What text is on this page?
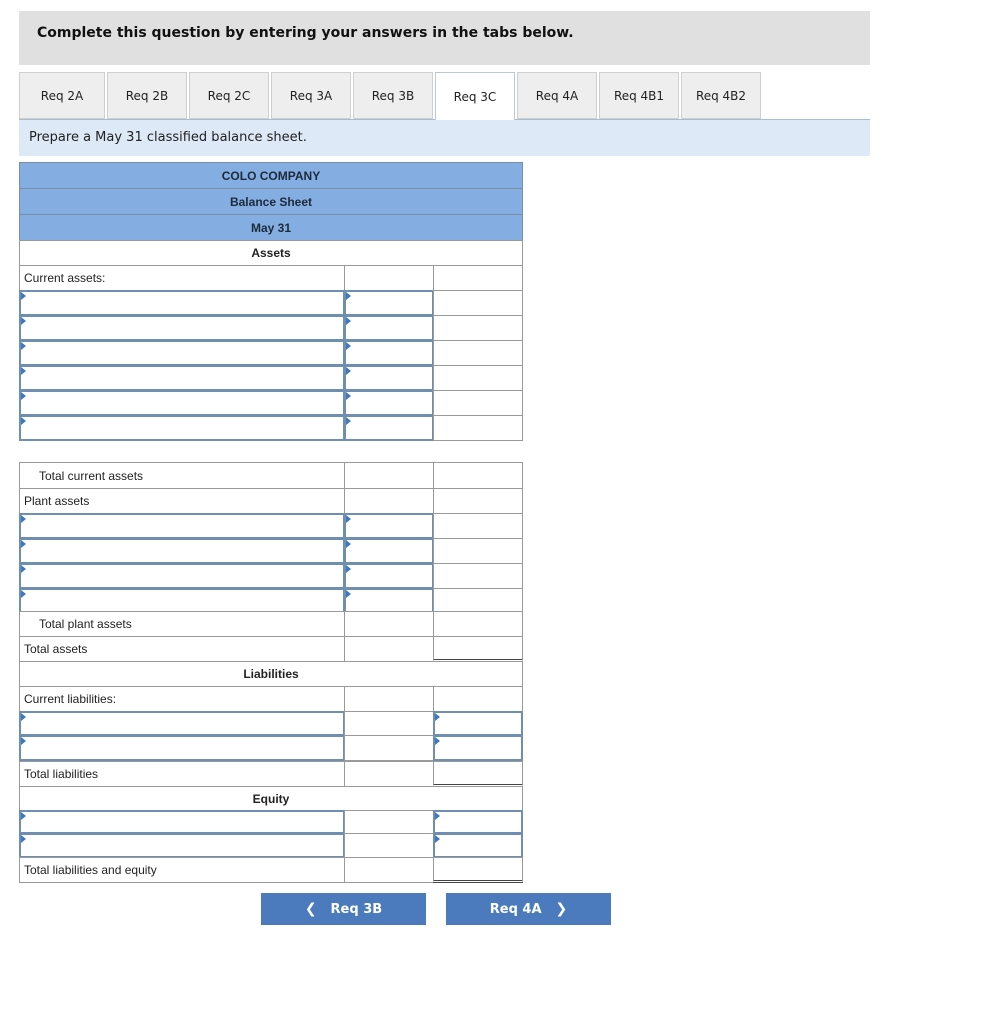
Complete this question by entering your answers in the tabs below.
Req 2A	Req 2B	Req 2C	Req 3A	Req 3B	Req 3C	Req 4A	Req 4B1	Req 4B2
Prepare a May 31 classified balance sheet.
COLO COMPANY
Balance Sheet
May 31
Assets
Current assets:
Total current assets
Plant assets
Total plant assets
Total assets
Liabilities
Current liabilities:
Total liabilities
Equity
Total liabilities and equity
❮ Req 3B	Req 4A ❯
